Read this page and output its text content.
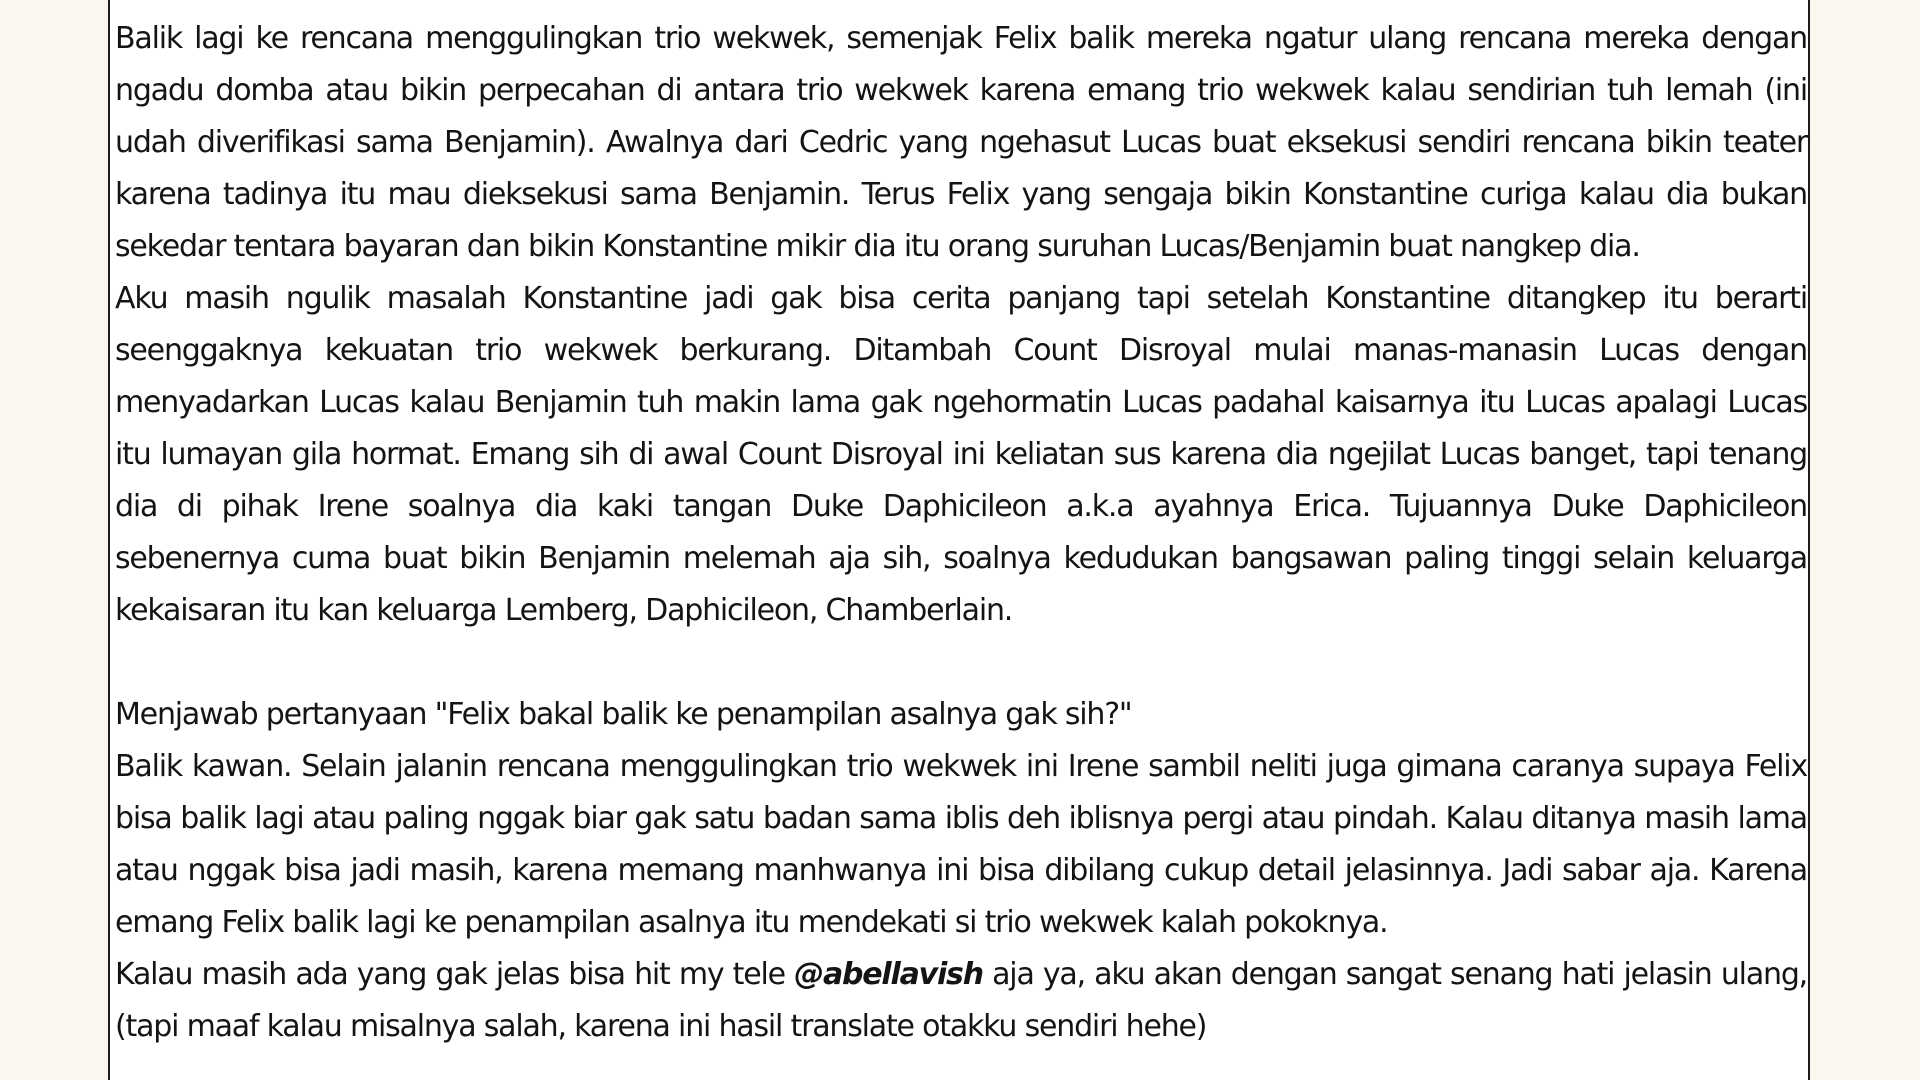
Balik lagi ke rencana menggulingkan trio wekwek, semenjak Felix balik mereka ngatur ulang rencana mereka dengan ngadu domba atau bikin perpecahan di antara trio wekwek karena emang trio wekwek kalau sendirian tuh lemah (ini udah diverifikasi sama Benjamin). Awalnya dari Cedric yang ngehasut Lucas buat eksekusi sendiri rencana bikin teater karena tadinya itu mau dieksekusi sama Benjamin. Terus Felix yang sengaja bikin Konstantine curiga kalau dia bukan sekedar tentara bayaran dan bikin Konstantine mikir dia itu orang suruhan Lucas/Benjamin buat nangkep dia.

Aku masih ngulik masalah Konstantine jadi gak bisa cerita panjang tapi setelah Konstantine ditangkep itu berarti seenggaknya kekuatan trio wekwek berkurang. Ditambah Count Disroyal mulai manas-manasin Lucas dengan menyadarkan Lucas kalau Benjamin tuh makin lama gak ngehormatin Lucas padahal kaisarnya itu Lucas apalagi Lucas itu lumayan gila hormat. Emang sih di awal Count Disroyal ini keliatan sus karena dia ngejilat Lucas banget, tapi tenang dia di pihak Irene soalnya dia kaki tangan Duke Daphicileon a.k.a ayahnya Erica. Tujuannya Duke Daphicileon sebenernya cuma buat bikin Benjamin melemah aja sih, soalnya kedudukan bangsawan paling tinggi selain keluarga kekaisaran itu kan keluarga Lemberg, Daphicileon, Chamberlain.

Menjawab pertanyaan "Felix bakal balik ke penampilan asalnya gak sih?"

Balik kawan. Selain jalanin rencana menggulingkan trio wekwek ini Irene sambil neliti juga gimana caranya supaya Felix bisa balik lagi atau paling nggak biar gak satu badan sama iblis deh iblisnya pergi atau pindah. Kalau ditanya masih lama atau nggak bisa jadi masih, karena memang manhwanya ini bisa dibilang cukup detail jelasinnya. Jadi sabar aja. Karena emang Felix balik lagi ke penampilan asalnya itu mendekati si trio wekwek kalah pokoknya.

Kalau masih ada yang gak jelas bisa hit my tele @abellavish aja ya, aku akan dengan sangat senang hati jelasin ulang, (tapi maaf kalau misalnya salah, karena ini hasil translate otakku sendiri hehe)
